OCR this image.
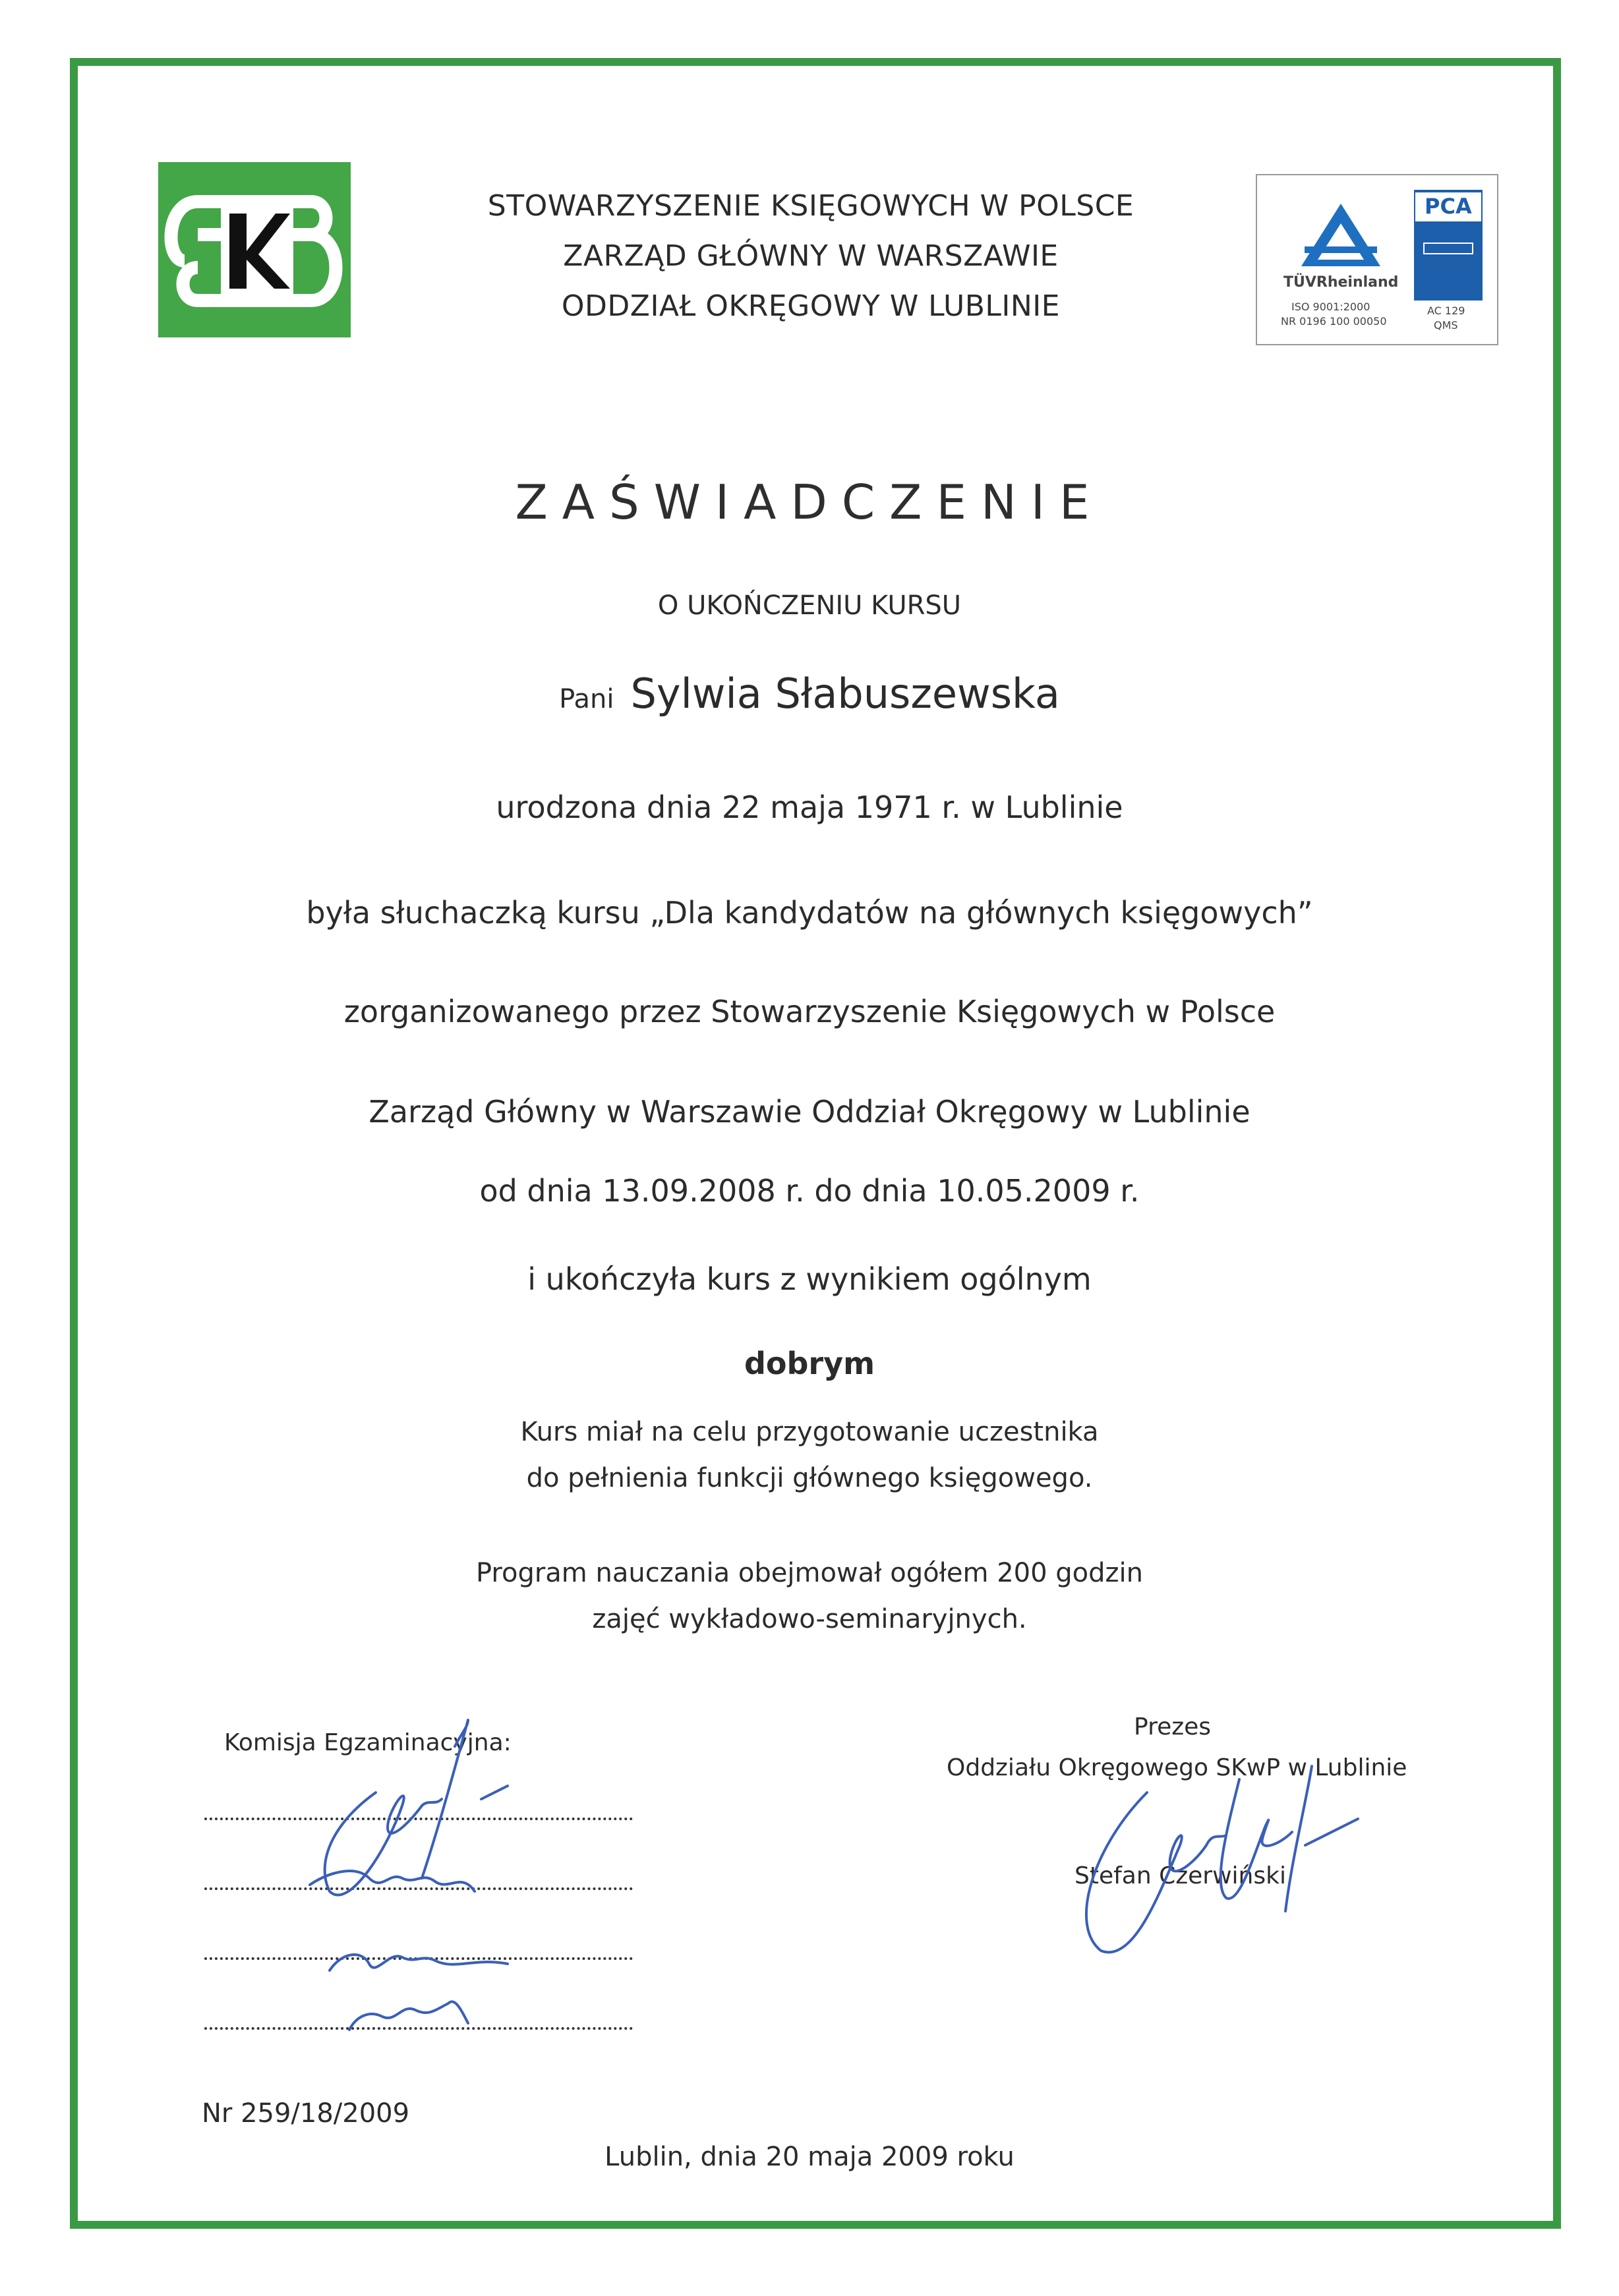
STOWARZYSZENIE KSIĘGOWYCH W POLSCE
ZARZĄD GŁÓWNY W WARSZAWIE
ODDZIAŁ OKRĘGOWY W LUBLINIE
TÜVRheinland
ISO 9001:2000
NR 0196 100 00050
PCA
AC 129
QMS
ZAŚWIADCZENIE
O UKOŃCZENIU KURSU
Pani Sylwia Słabuszewska
urodzona dnia 22 maja 1971 r. w Lublinie
była słuchaczką kursu „Dla kandydatów na głównych księgowych”
zorganizowanego przez Stowarzyszenie Księgowych w Polsce
Zarząd Główny w Warszawie Oddział Okręgowy w Lublinie
od dnia 13.09.2008 r. do dnia 10.05.2009 r.
i ukończyła kurs z wynikiem ogólnym
dobrym
Kurs miał na celu przygotowanie uczestnika
do pełnienia funkcji głównego księgowego.
Program nauczania obejmował ogółem 200 godzin
zajęć wykładowo-seminaryjnych.
Komisja Egzaminacyjna:
Prezes
Oddziału Okręgowego SKwP w Lublinie
Stefan Czerwiński
Nr 259/18/2009
Lublin, dnia 20 maja 2009 roku
